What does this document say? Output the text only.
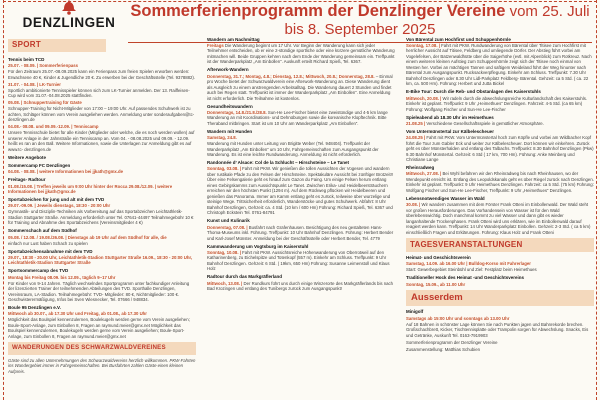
DENZLINGEN
Sommerferienprogramm der Denzlinger Vereine vom 25. Juli bis 8. September 2025
SPORT
Tennis beim TCD
25.07. - 08.09. | Sommerferienpass
Für den Zeitraum 25.07.-08.09.2025 kann ein Ferienpass zum freien Spielen erworben werden: Erwachsene 40 €, Kinder & Jugendliche 20 €. Zu erwerben bei der Geschäftsstelle (Tel. 9378882).
31.07. - 04.08. | LK-Turnier
Sportlich ambitionierte Tennisspieler können sich zum LK-Turnier anmelden. Der 13. Raiffeisen-Cup wird vom 31.07.-04.08.2025 stattfinden.
05.08. | Schnuppertraining für Gäste
Schnupper-Training für Nicht-Mitglieder von 17:00 – 19:00 Uhr. Auf passendes Schuhwerk ist zu achten, Schläger können vom Verein ausgeliehen werden. Anmeldung unter sonderaufgaben@tc-denzlingen.de
04.08.- 08.08. und 09.09.-12.09. | Tenniscamp
Unsere Tennisschule bietet für alle Kinder (Mitglieder oder welche, die es noch werden wollen) auf unserer Anlage in der Jahnstraße ein Tenniscamp an. Vom 04. - 08.08.2025 und 09.09. - 12.09. heißt es ran an den Ball. Weitere Informationen, sowie die Unterlagen zur Anmeldung gibt es auf www.tc- denzlingen.de
Weitere Angebote
Sommercamp FC Denzlingen
04.08. - 08.08. | weitere Informationen bei jjkath@gmx.de
Freitags- Radtour
01.08./15.08. | Treffen jeweils um 9:00 Uhr hinter der Rocca 29.08./12.09. | weitere Informationen bei jjkath@gmx.de
Sportabzeichen für jung und alt mit dem TVD
29.07.-09.09. | Jeweils dienstags, 18:30 - 20:00 Uhr
Gymnastik- und Disziplin-Techniken als Vorbereitung auf das Sportabzeichen Leichtathletik-Stadion Stuttgarter Straße. Anmeldung erforderlich unter Tel. 07641-44497 Teilnahmegebühr 10 € für Training und Abnahme des Sportabzeichens (Vereinsmitglieder 4 €)
Sommerschach auf dem Südhof
05.08. / 12.08. / 19.08./26.08. | Dienstags ab 19 Uhr auf dem Südhof für alle, die
einfach nur Lust haben Schach zu spielen
Sportabzeichensabnahme mit dem TVD
29.07., 18:30 - 20.00 Uhr, Leichtathletik-Stadion Stuttgarter Straße 16.09., 18:30 - 20:00 Uhr, Leichtathletik-Stadion Stuttgarter Straße
Sportsommercamp des TVD
Montag bis Freitag 08.09. bis 12.09., täglich 9–17 Uhr
Für Kinder von 9-14 Jahren. Täglich wechselndes Sportprogramm unter fachkundiger Anleitung der lizenzierten Trainer der teilnehmenden Abteilungen des TVD. Sporthalle Denzlingen, Vereinsraum, LA-Stadion. Teilnahmegebühr: TVD- Mitglieder: 80 €, Nichtmitglieder: 100 €. Geschwisterermäßigung, Infos bei Sven Wiesnecker, Tel. 07666 / 948834.
Boule 95 Denzlingen e.V.
Mittwoch ab 30.07., ab 17.30 Uhr und Freitag, ab 01.08., ab 17.30 Uhr
Möglichkeit das Boulspiel kennenzulernen, Boulekugeln werden gerne vom Verein ausgeliehen; Boule-Sport-Anlage, zum Einbollen 8, Fragen an raymund.meier@gmx.net Möglichkeit das Boulspiel kennenzulernen, Boulekugeln werden gerne vom Verein ausgeliehen; Boule-Sport-Anlage, zum Einbollen 8, Fragen an raymund.meier@gmx.net
WANDERUNGEN DES SCHWARZWALDVEREINES
Gäste sind zu allen Unternehmungen des Schwarzwaldvereins herzlich willkommen. PKW-Fahrten ins Wandergebiet immer in Fahrgemeinschaften. Bei Busfahrten zahlen Gäste einen kleinen Aufpreis.
Wandern am Nachmittag
Freitags Die Wanderung beginnt um 17 Uhr. Vor Beginn der Wanderung kann sich jeder Teilnehmer entscheiden, ob er eine 2-stündige sportliche oder eine kürzere gemütliche Wanderung mitmachen will. Beide Gruppen kehren nach dem Ende der Wanderung gemeinsam ein. Treffpunkt ist der Wanderparkplatz „Am Einbollen“. Auskunft erteilt Richard Spieß, Tel. 6367.
Afterwork-Wandern
Donnerstag, 31.7.; Montag, 4.8.; Dienstag, 12.8.; Mittwoch, 20.8.; Donnerstag, 28.8. – Einmal pro Woche bietet der Schwarzwaldverein eine Afterwork-Wanderung an. Diese Wanderung dient als Ausgleich zu einem anstrengenden Arbeitsalltag. Die Wanderung dauert 2 Stunden und findet auch bei Regen statt. Treffpunkt ist immer der Wanderparkplatz „Am Einbollen“. Eine Anmeldung ist nicht erforderlich. Die Teilnahme ist kostenlos.
Gesundheitswandern
Donnerstags, 14.8./21.8./28.8. Sun-He Lee-Fischer bietet eine zweistündige und 4-5 km lange Wanderung an mit Koordinations- und Dehnübungen sowie die koreanische Klopftechnik. Bitte Theraband mitbringen. Start ist um 10 Uhr am Wanderparkplatz „Am Einbollen“.
Wandern mit Hunden
Samstag, 24.8.
Wanderung mit Hunden unter Leitung von Brigitte Weber (Tel. 948404). Treffpunkt der Wanderparkplatz „Am Einbollen“ um 10 Uhr, Fahrgemeinschaften zum Ausgangspunkt der Wanderung. Es ist eine leichte Rundwanderung. Anmeldung ist nicht erforderlich.
Randonnée d’ Alsace: Col de la Schlucht – Hirschsteine – Le Tanet
Sonntag, 03.08. | Fahrt mit PKW. Wir genießen die tollen Aussichten der Vogesen und wandern über rustikale Pfade zu den Felsen der Hirschsteine. Spektakuläre Aussicht bei zünftiger Brotzeit!! Über eine Felsengalerie geht es hinauf zum Gazon du Faing. Um einige Felsen herum entlang eines Gebirgskamms zum Aussichtspunkt Le Tanet. Zwischen Erika- und Heidelbeersträuchern erreichen wir den höchsten Punkt (1294 m). Auf dem Rückweg pflücken wir Heidelbeeren und genießen das Panorama. Immer am Kamm entlang geht es zurück, teilweise über wurzelige und steinige Wege. Trittsicherheit erforderlich, Wanderstöcke und gutes Schuhwerk. Abfahrt: 8 Uhr Bahnhof Denzlingen, Gehzeit: ca. 4 Std. (10 km / 600 Hm) Führung: Richard Spieß, Tel. 6367 und Christoph Eckstein Tel. 0761-84791
Kunst und Kulinarik
Donnerstag, 07.08. | Busfahrt nach Grafenhausen. Besichtigung des neu gestalteten Hans-Thoma-Museums inkl. Führung. Treffpunkt: 10 Uhr Bahnhof Denzlingen. Führung: Herbert Bender und Karl-Josef Münster. Anmeldung bei der Geschäftsstelle oder Herbert Bender, Tel. 4779
Kammwanderung um Vogtsburg im Kaiserstuhl
Sonntag, 10.08. | Fahrt mit PKW. Aussichtsreiche Höhenwanderung von Oberrotweil auf den Katharinenberg, zu Eichelspitze und Totenkopf (557 m). Einkehr am Schluss. Treffpunkt: 9 Uhr Bahnhof Denzlingen. Gehzeit: 6 Std. ( 19km, 650 Hm) Führung: Susanne Leimenstoll und Klaus Holz
Radtour durch das Markgräflerland
Mittwoch, 13.08. | Der Rundkurs führt uns durch einige Winzerorte des Markgräflerlands bis nach Bad Krozingen und entlang des Tunibergs zurück zum Ausgangspunkt!
Von Bärental zum Hochfirst und Schuppenhörnle
Sonntag, 17.08. | Fahrt mit PKW. Rundwanderung von Bärental über Titisee zum Hochfirst mit herrlicher Aussicht auf Titisee, Feldberg und umliegende Dörfer. Der Abstieg führt vorbei am Vogelefelsen, der Batzenwaldhütte über die Saigerhöhe (evtl. mit Alpenblick) zum Rotkreuz. Nach einem weiteren kleinen Aufstieg zum Schuppenhörnle zeigt sich der Titisee noch einmal von Westen her. Vorbei an mächtigen Tannen und saftigem Weideland führt der Weg hinunter nach Bärental zum Ausgangspunkt. Rucksackverpflegung. Einkehr am Schluss. Treffpunkt: 7.30 Uhr Bahnhof Denzlingen oder 8.30 Uhr Lidl-Parkplatz Feldberg- Bärental. Gehzeit: ca 5 Std. ( ca. 22 km, ca. 500 Hm). Führung: Herbert und Jutta Bickel
E-Bike Tour: Durch die Reb- und Obstanlagen des Kaiserstuhls
Mittwoch, 20.08. | Wir radeln durch die abwechslungsreiche Kulturlandschaft des Kaiserstuhls. Einkehr ist geplant. Treffpunkt: 9 Uhr „Heimethues“ Denzlingen. Fahrzeit: 4-5 Std. (ca 65 km) Führung: Wolfgang Fischer und Sun-He Lee-Fischer
Spieleabend ab 18.30 Uhr im Heimethues
21.08.25 | Verschiedene Gesellschaftsspiele in gemütlicher Atmosphäre.
Vom Untermünstertal zur Kälbelescheuer
24.08.25 | Fahrt mit PKW. Vom Untermünstertal hoch zum Köpfle und vorbei am Wildbacher Kopf führt die Tour zum Gabler Eck und weiter zur Kälbelescheuer. Dort können wir einkehren. Zurück geht es über Münsterhalden und entlang des Talbachs. Treffpunkt: 8.30 Bahnhof Denzlingen (Pkw) 9.30 Bahnhof Münstertal. Gehzeit: 6 Std ( 17 km, 700 Hm). Führung: Anke Meinberg und Christiane Lange
Rheinradweg
Mittwoch, 27.08. | Bei Wyhl befahren wir den Rheinradweg bis nach Rheinhausen, wo der Wendepunkt erreicht ist. Entlang des Leopoldskanals geht es über Riegel zurück nach Denzlingen. Einkehr ist geplant. Treffpunkt: 9 Uhr Heimethues Denzlingen. Fahrzeit: ca 5 Std. (75 km) Führung: Wolfgang Fischer und Sun-He Lee-Fischer, Treffpunkt: 9 Uhr „Heimethues“ Denzlingen.
Lebensnotwendiges Wasser im Wald
30.08. | Wir wandern zusammen mit dem Förster Frank Otteni im Einbollenwald. Der Wald steht vor großen Herausforderungen. Das Vorhandensein von Wasser ist für den Wald überlebenswichtig. Doch manchmal kommt zu viel Wasser und dann gibt es wieder langanhaltende Trockenphasen. Frank Otteni wird uns erklären, wie im Einbollenwald darauf reagiert werden kann. Treffpunkt: 14 Uhr Wanderparkplatz Einbollen. Gehzeit: 2-3 Std. ( ca 5 km) einschließlich Fragen und Erklärungen. Führung: Klaus Holz und Frank Otteni
TAGESVERANSTALTUNGEN
Heimat- und Geschichtsverein
Samstag, 14.09. ab 16.00 Uhr | Bulldog-Korso mit Fahrerlager
Start: Gewerbegebiet Steinbühl und Ziel: Festplatz beim Heimethues
Traditioneller Hock des Heimat -und Geschichtsvereins
Sonntag, 15.09., ab 11.00 Uhr
Ausserdem
Minigolf
Samstags ab 15:00 Uhr und sonntags ab 13.00 Uhr
Auf 18 Bahnen in schönster Lage können Sie nach Punkten jagen und Bahnrekorde brechen. Großschachbrett, Kicker, Tischtennisplatte oder Trampolin sorgen für Abwechslung. Snacks, Eis und Getränke, Auskunft Tel. 0163-7919903
Sommerferienprogramm der Denzlinger Vereine
Zusammenstellung: Matthias Schubien
